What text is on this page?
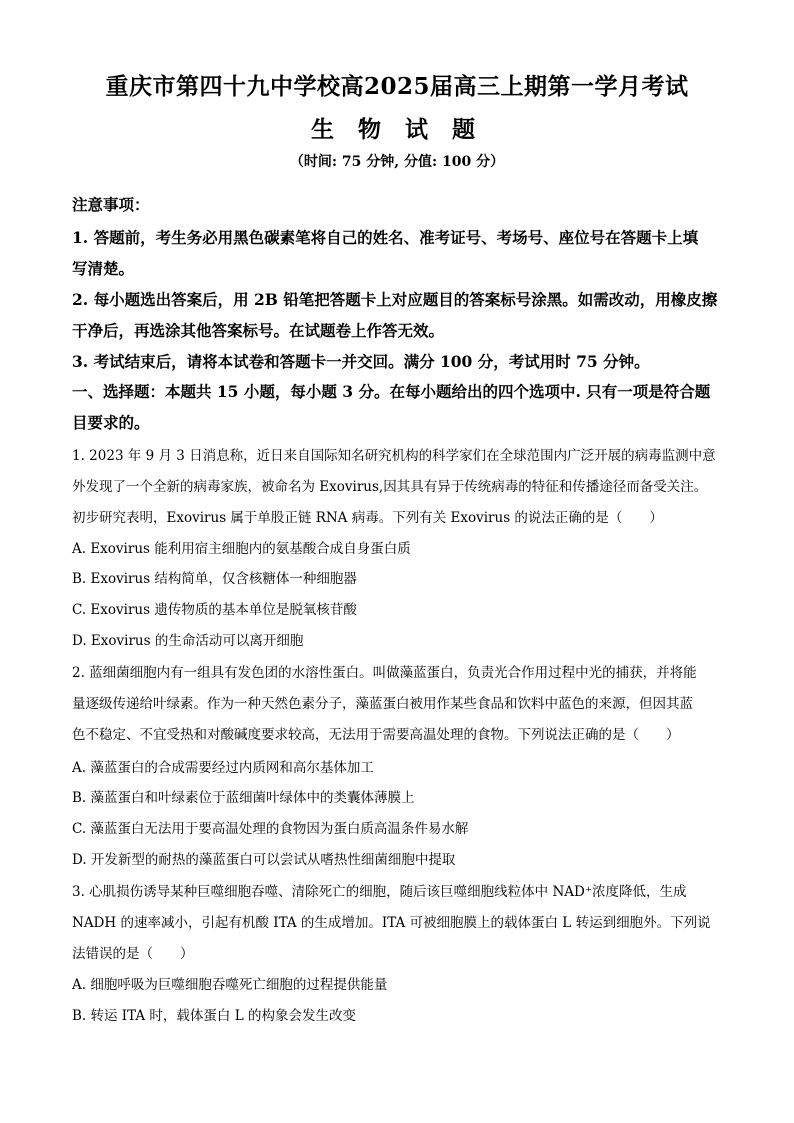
重庆市第四十九中学校高2025届高三上期第一学月考试
生 物 试 题
（时间: 75 分钟, 分值: 100 分）
注意事项：
1. 答题前，考生务必用黑色碳素笔将自己的姓名、准考证号、考场号、座位号在答题卡上填
写清楚。
2. 每小题选出答案后，用 2B 铅笔把答题卡上对应题目的答案标号涂黑。如需改动，用橡皮擦
干净后，再选涂其他答案标号。在试题卷上作答无效。
3. 考试结束后，请将本试卷和答题卡一并交回。满分 100 分，考试用时 75 分钟。
一、选择题：本题共 15 小题，每小题 3 分。在每小题给出的四个选项中. 只有一项是符合题
目要求的。
1. 2023 年 9 月 3 日消息称，近日来自国际知名研究机构的科学家们在全球范围内广泛开展的病毒监测中意
外发现了一个全新的病毒家族，被命名为 Exovirus,因其具有异于传统病毒的特征和传播途径而备受关注。
初步研究表明，Exovirus 属于单股正链 RNA 病毒。下列有关 Exovirus 的说法正确的是（　　）
A. Exovirus 能利用宿主细胞内的氨基酸合成自身蛋白质
B. Exovirus 结构简单，仅含核糖体一种细胞器
C. Exovirus 遗传物质的基本单位是脱氧核苷酸
D. Exovirus 的生命活动可以离开细胞
2. 蓝细菌细胞内有一组具有发色团的水溶性蛋白。叫做藻蓝蛋白，负责光合作用过程中光的捕获，并将能
量逐级传递给叶绿素。作为一种天然色素分子，藻蓝蛋白被用作某些食品和饮料中蓝色的来源，但因其蓝
色不稳定、不宜受热和对酸碱度要求较高，无法用于需要高温处理的食物。下列说法正确的是（　　）
A. 藻蓝蛋白的合成需要经过内质网和高尔基体加工
B. 藻蓝蛋白和叶绿素位于蓝细菌叶绿体中的类囊体薄膜上
C. 藻蓝蛋白无法用于要高温处理的食物因为蛋白质高温条件易水解
D. 开发新型的耐热的藻蓝蛋白可以尝试从嗜热性细菌细胞中提取
3. 心肌损伤诱导某种巨噬细胞吞噬、清除死亡的细胞，随后该巨噬细胞线粒体中 NAD⁺浓度降低，生成
NADH 的速率减小，引起有机酸 ITA 的生成增加。ITA 可被细胞膜上的载体蛋白 L 转运到细胞外。下列说
法错误的是（　　）
A. 细胞呼吸为巨噬细胞吞噬死亡细胞的过程提供能量
B. 转运 ITA 时，载体蛋白 L 的构象会发生改变
